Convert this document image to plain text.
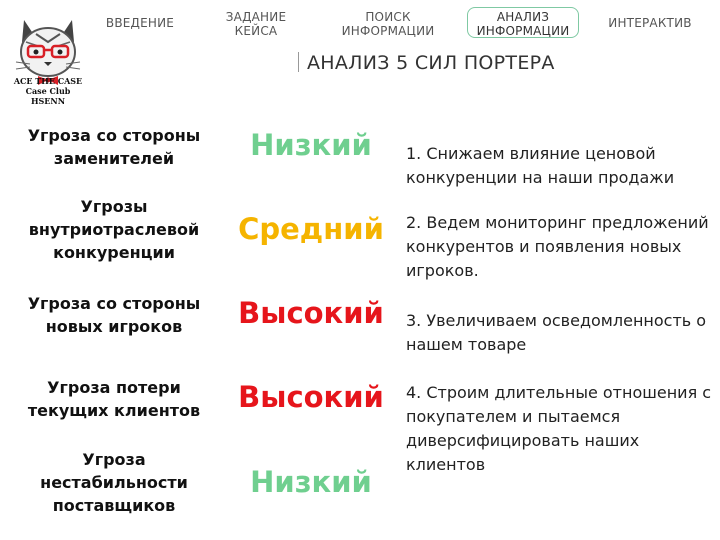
ACE THE CASE
Case Club
HSENN
ВВЕДЕНИЕ	ЗАДАНИЕ КЕЙСА
ПОИСК ИНФОРМАЦИИ
АНАЛИЗ ИНФОРМАЦИИ
ИНТЕРАКТИВ
АНАЛИЗ 5 СИЛ ПОРТЕРА
Угроза со стороны заменителей
Угрозы внутриотраслевой конкуренции
Угроза со стороны новых игроков
Угроза потери текущих клиентов
Угроза нестабильности поставщиков
Низкий
Средний
Высокий
Высокий
Низкий
1. Снижаем влияние ценовой конкуренции на наши продажи
2. Ведем мониторинг предложений конкурентов и появления новых игроков.
3. Увеличиваем осведомленность о нашем товаре
4. Строим длительные отношения с покупателем и пытаемся диверсифицировать наших клиентов
